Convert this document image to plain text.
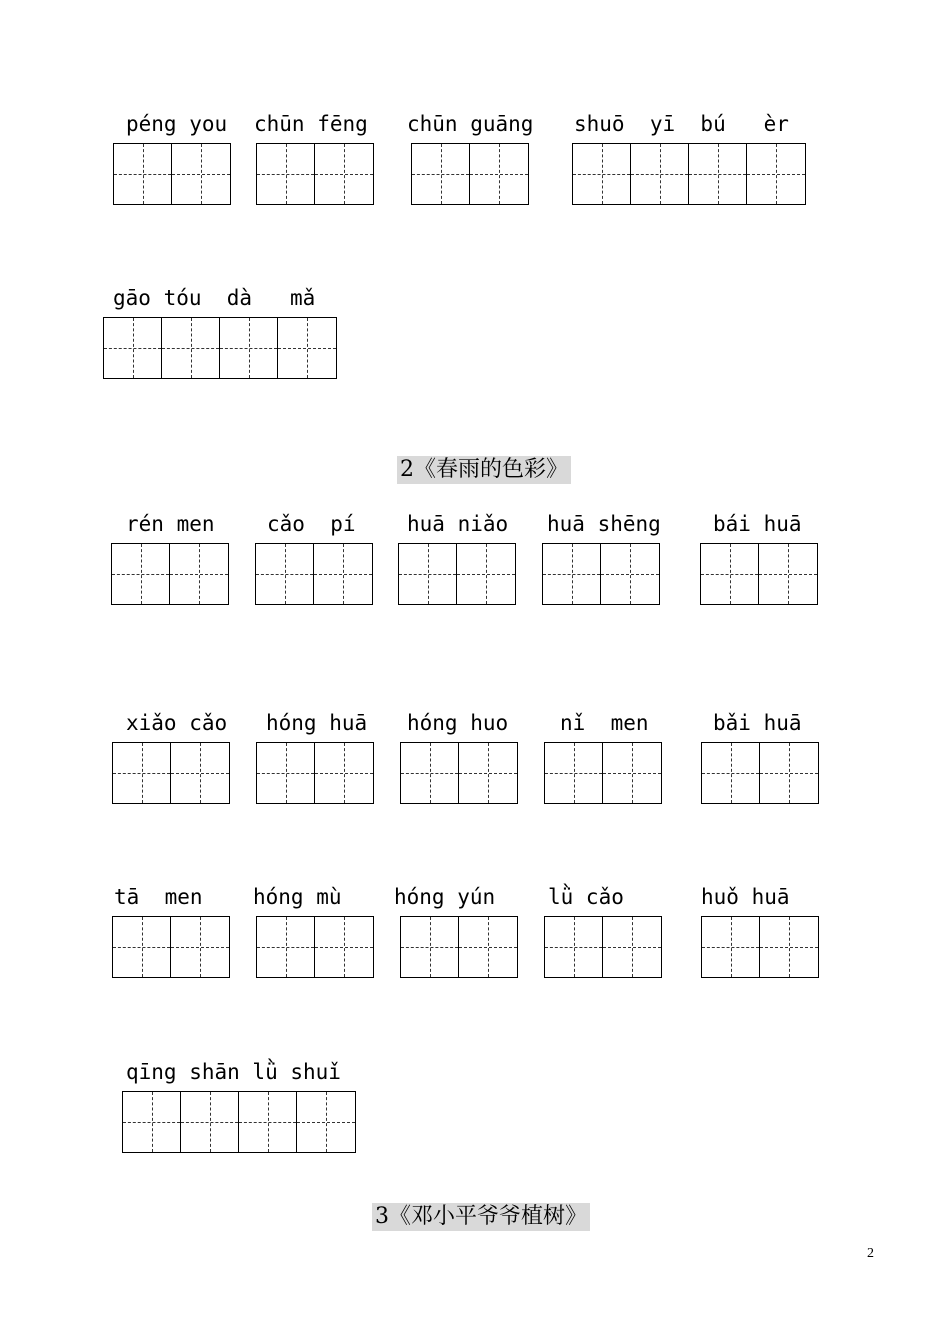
péng you chūn fēng chūn guāng shuō  yī  bú   èr
gāo tóu  dà   mǎ
2《春雨的色彩》
rén men cǎo  pí huā niǎo huā shēng bái huā
xiǎo cǎo hóng huā hóng huo nǐ  men	bǎi huā
tā  men hóng mù hóng yún	lǜ cǎo	huǒ huā
qīng shān lǜ shuǐ
3《邓小平爷爷植树》
2
